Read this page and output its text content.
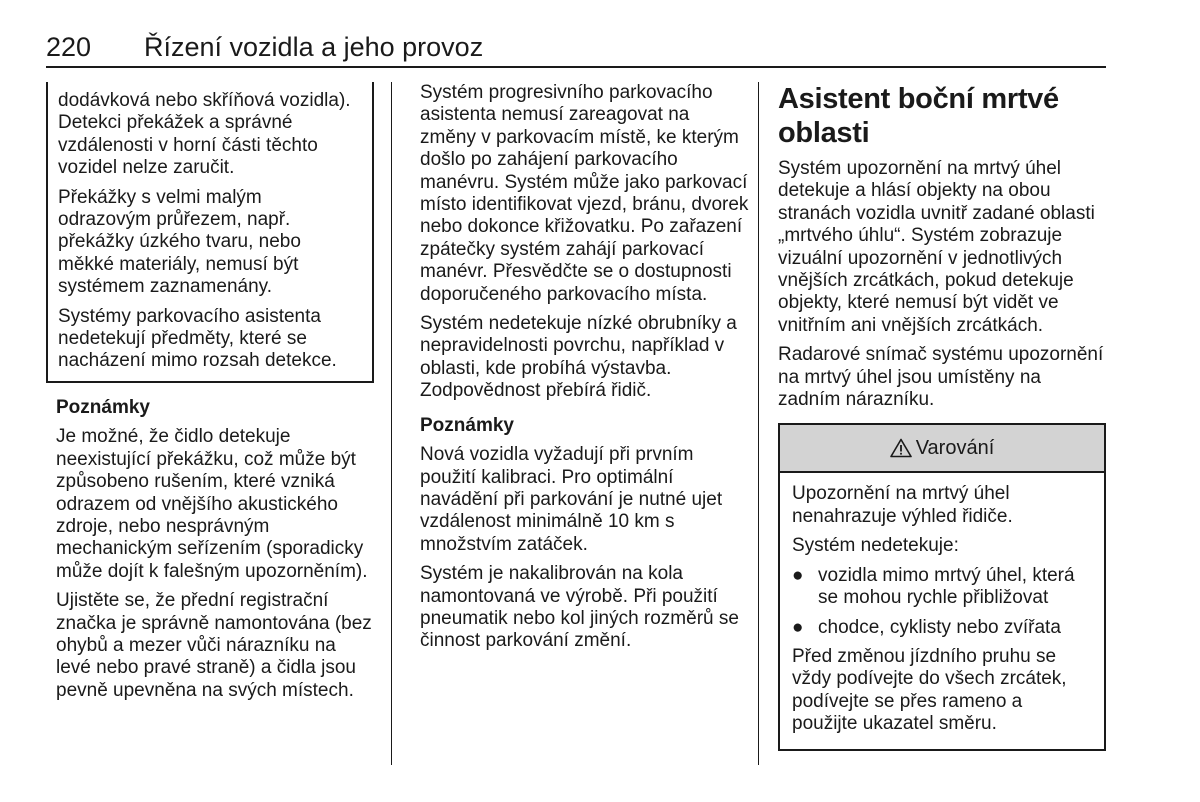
220 Řízení vozidla a jeho provoz

dodávková nebo skříňová vozidla). Detekci překážek a správné vzdálenosti v horní části těchto vozidel nelze zaručit.

Překážky s velmi malým odrazovým průřezem, např. překážky úzkého tvaru, nebo měkké materiály, nemusí být systémem zaznamenány.

Systémy parkovacího asistenta nedetekují předměty, které se nacházení mimo rozsah detekce.

Poznámky

Je možné, že čidlo detekuje neexistující překážku, což může být způsobeno rušením, které vzniká odrazem od vnějšího akustického zdroje, nebo nesprávným mechanickým seřízením (sporadicky může dojít k falešným upozorněním).

Ujistěte se, že přední registrační značka je správně namontována (bez ohybů a mezer vůči nárazníku na levé nebo pravé straně) a čidla jsou pevně upevněna na svých místech.

Systém progresivního parkovacího asistenta nemusí zareagovat na změny v parkovacím místě, ke kterým došlo po zahájení parkovacího manévru. Systém může jako parkovací místo identifikovat vjezd, bránu, dvorek nebo dokonce křižovatku. Po zařazení zpátečky systém zahájí parkovací manévr. Přesvědčte se o dostupnosti doporučeného parkovacího místa.

Systém nedetekuje nízké obrubníky a nepravidelnosti povrchu, například v oblasti, kde probíhá výstavba. Zodpovědnost přebírá řidič.

Poznámky

Nová vozidla vyžadují při prvním použití kalibraci. Pro optimální navádění při parkování je nutné ujet vzdálenost minimálně 10 km s množstvím zatáček.

Systém je nakalibrován na kola namontovaná ve výrobě. Při použití pneumatik nebo kol jiných rozměrů se činnost parkování změní.

Asistent boční mrtvé oblasti

Systém upozornění na mrtvý úhel detekuje a hlásí objekty na obou stranách vozidla uvnitř zadané oblasti „mrtvého úhlu“. Systém zobrazuje vizuální upozornění v jednotlivých vnějších zrcátkách, pokud detekuje objekty, které nemusí být vidět ve vnitřním ani vnějších zrcátkách.

Radarové snímač systému upozornění na mrtvý úhel jsou umístěny na zadním nárazníku.

Varování

Upozornění na mrtvý úhel nenahrazuje výhled řidiče.

Systém nedetekuje:

● vozidla mimo mrtvý úhel, která se mohou rychle přibližovat
● chodce, cyklisty nebo zvířata

Před změnou jízdního pruhu se vždy podívejte do všech zrcátek, podívejte se přes rameno a použijte ukazatel směru.
